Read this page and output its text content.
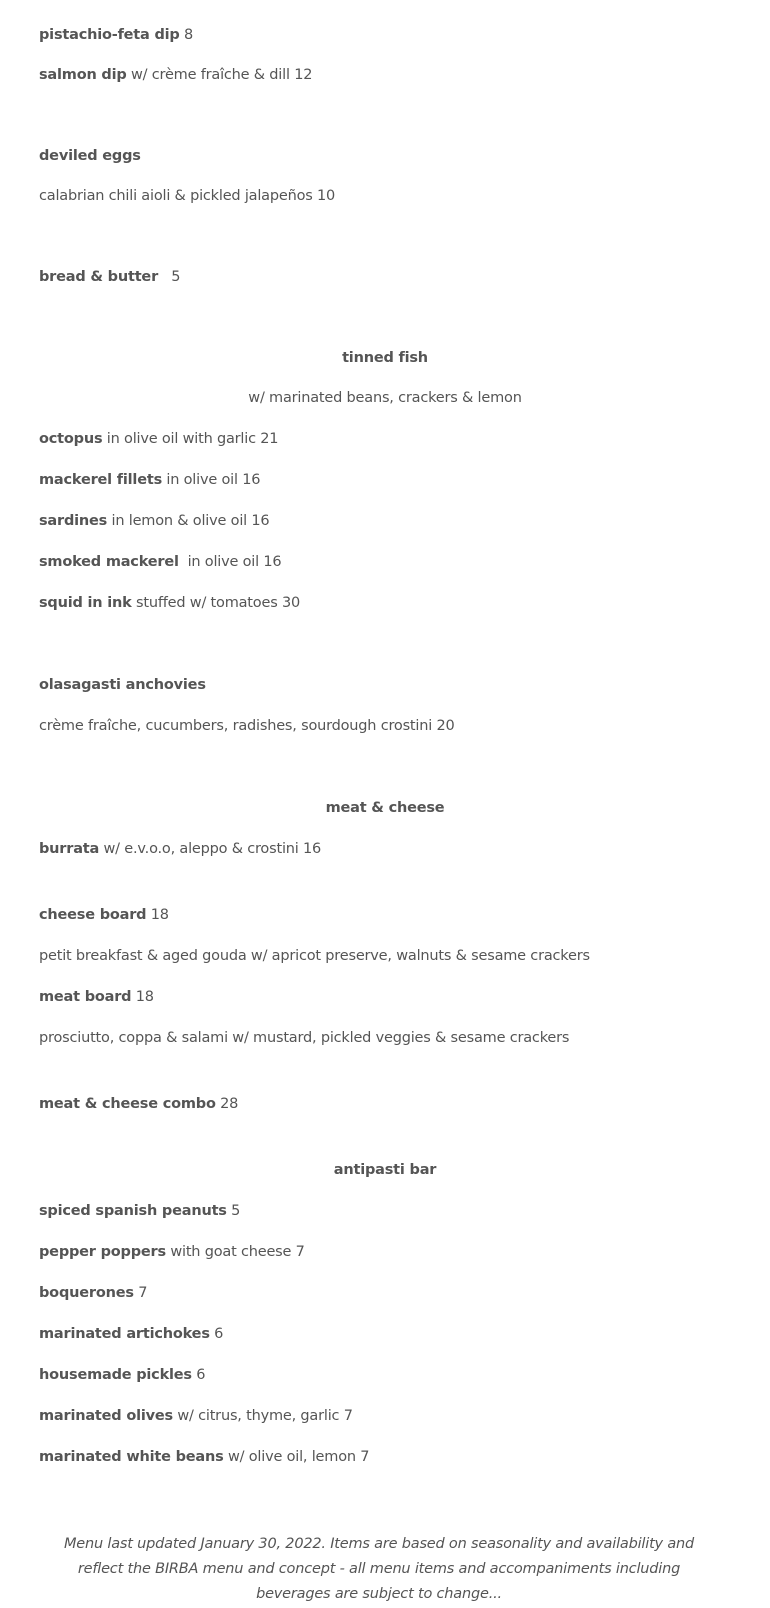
pistachio-feta dip 8
salmon dip w/ crème fraîche & dill 12
deviled eggs
calabrian chili aioli & pickled jalapeños 10
bread & butter   5
tinned fish
w/ marinated beans, crackers & lemon
octopus in olive oil with garlic 21
mackerel fillets in olive oil 16
sardines in lemon & olive oil 16
smoked mackerel  in olive oil 16
squid in ink stuffed w/ tomatoes 30
olasagasti anchovies
crème fraîche, cucumbers, radishes, sourdough crostini 20
meat & cheese
burrata w/ e.v.o.o, aleppo & crostini 16
cheese board 18
petit breakfast & aged gouda w/ apricot preserve, walnuts & sesame crackers
meat board 18
prosciutto, coppa & salami w/ mustard, pickled veggies & sesame crackers
meat & cheese combo 28
antipasti bar
spiced spanish peanuts 5
pepper poppers with goat cheese 7
boquerones 7
marinated artichokes 6
housemade pickles 6
marinated olives w/ citrus, thyme, garlic 7
marinated white beans w/ olive oil, lemon 7
Menu last updated January 30, 2022. Items are based on seasonality and availability and reflect the BIRBA menu and concept - all menu items and accompaniments including beverages are subject to change...
